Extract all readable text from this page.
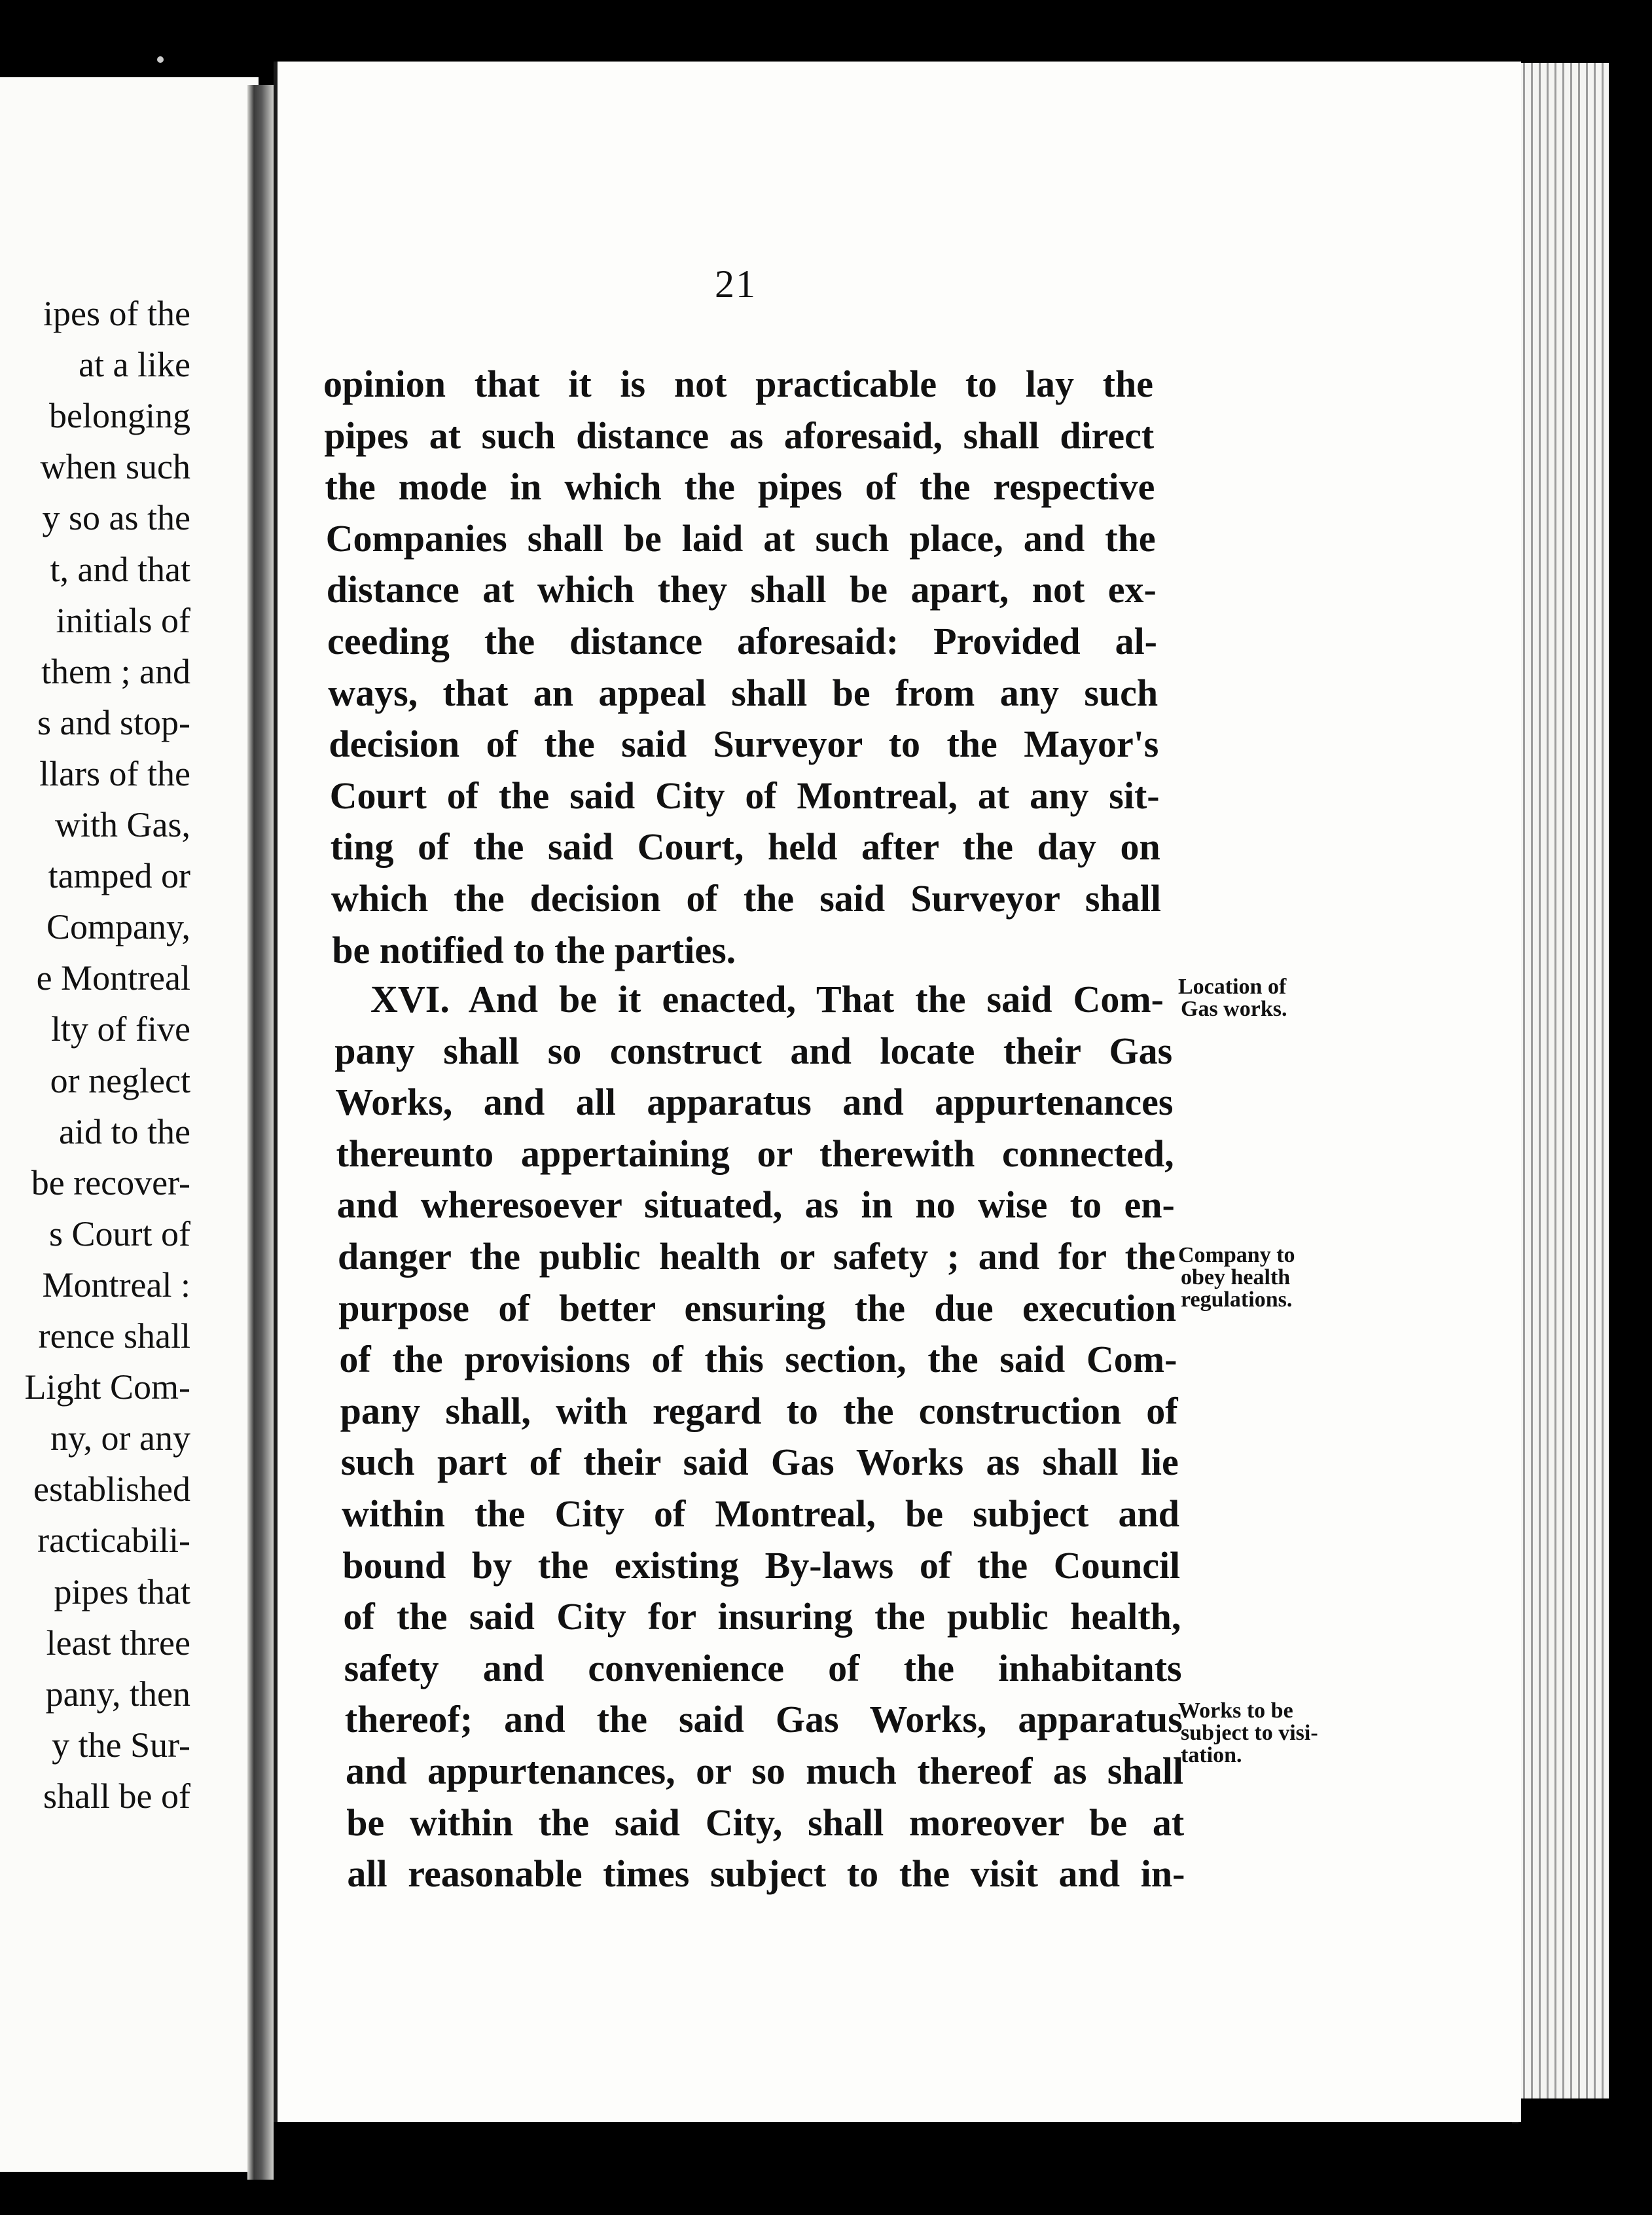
ipes of the
at a like
belonging
when such
y so as the
t, and that
initials of
them ; and
s and stop-
llars of the
with Gas,
tamped or
Company,
e Montreal
lty of five
or neglect
aid to the
be recover-
s Court of
Montreal :
rence shall
Light Com-
ny, or any
established
racticabili-
pipes that
least three
pany, then
y the Sur-
shall be of
21
opinion that it is not practicable to lay the
pipes at such distance as aforesaid, shall direct
the mode in which the pipes of the respective
Companies shall be laid at such place, and the
distance at which they shall be apart, not ex-
ceeding the distance aforesaid: Provided al-
ways, that an appeal shall be from any such
decision of the said Surveyor to the Mayor's
Court of the said City of Montreal, at any sit-
ting of the said Court, held after the day on
which the decision of the said Surveyor shall
be notified to the parties.
XVI. And be it enacted, That the said Com-
pany shall so construct and locate their Gas
Works, and all apparatus and appurtenances
thereunto appertaining or therewith connected,
and wheresoever situated, as in no wise to en-
danger the public health or safety ; and for the
purpose of better ensuring the due execution
of the provisions of this section, the said Com-
pany shall, with regard to the construction of
such part of their said Gas Works as shall lie
within the City of Montreal, be subject and
bound by the existing By-laws of the Council
of the said City for insuring the public health,
safety and convenience of the inhabitants
thereof; and the said Gas Works, apparatus
and appurtenances, or so much thereof as shall
be within the said City, shall moreover be at
all reasonable times subject to the visit and in-
Location of
Gas works.
Company to
obey health
regulations.
Works to be
subject to visi-
tation.
